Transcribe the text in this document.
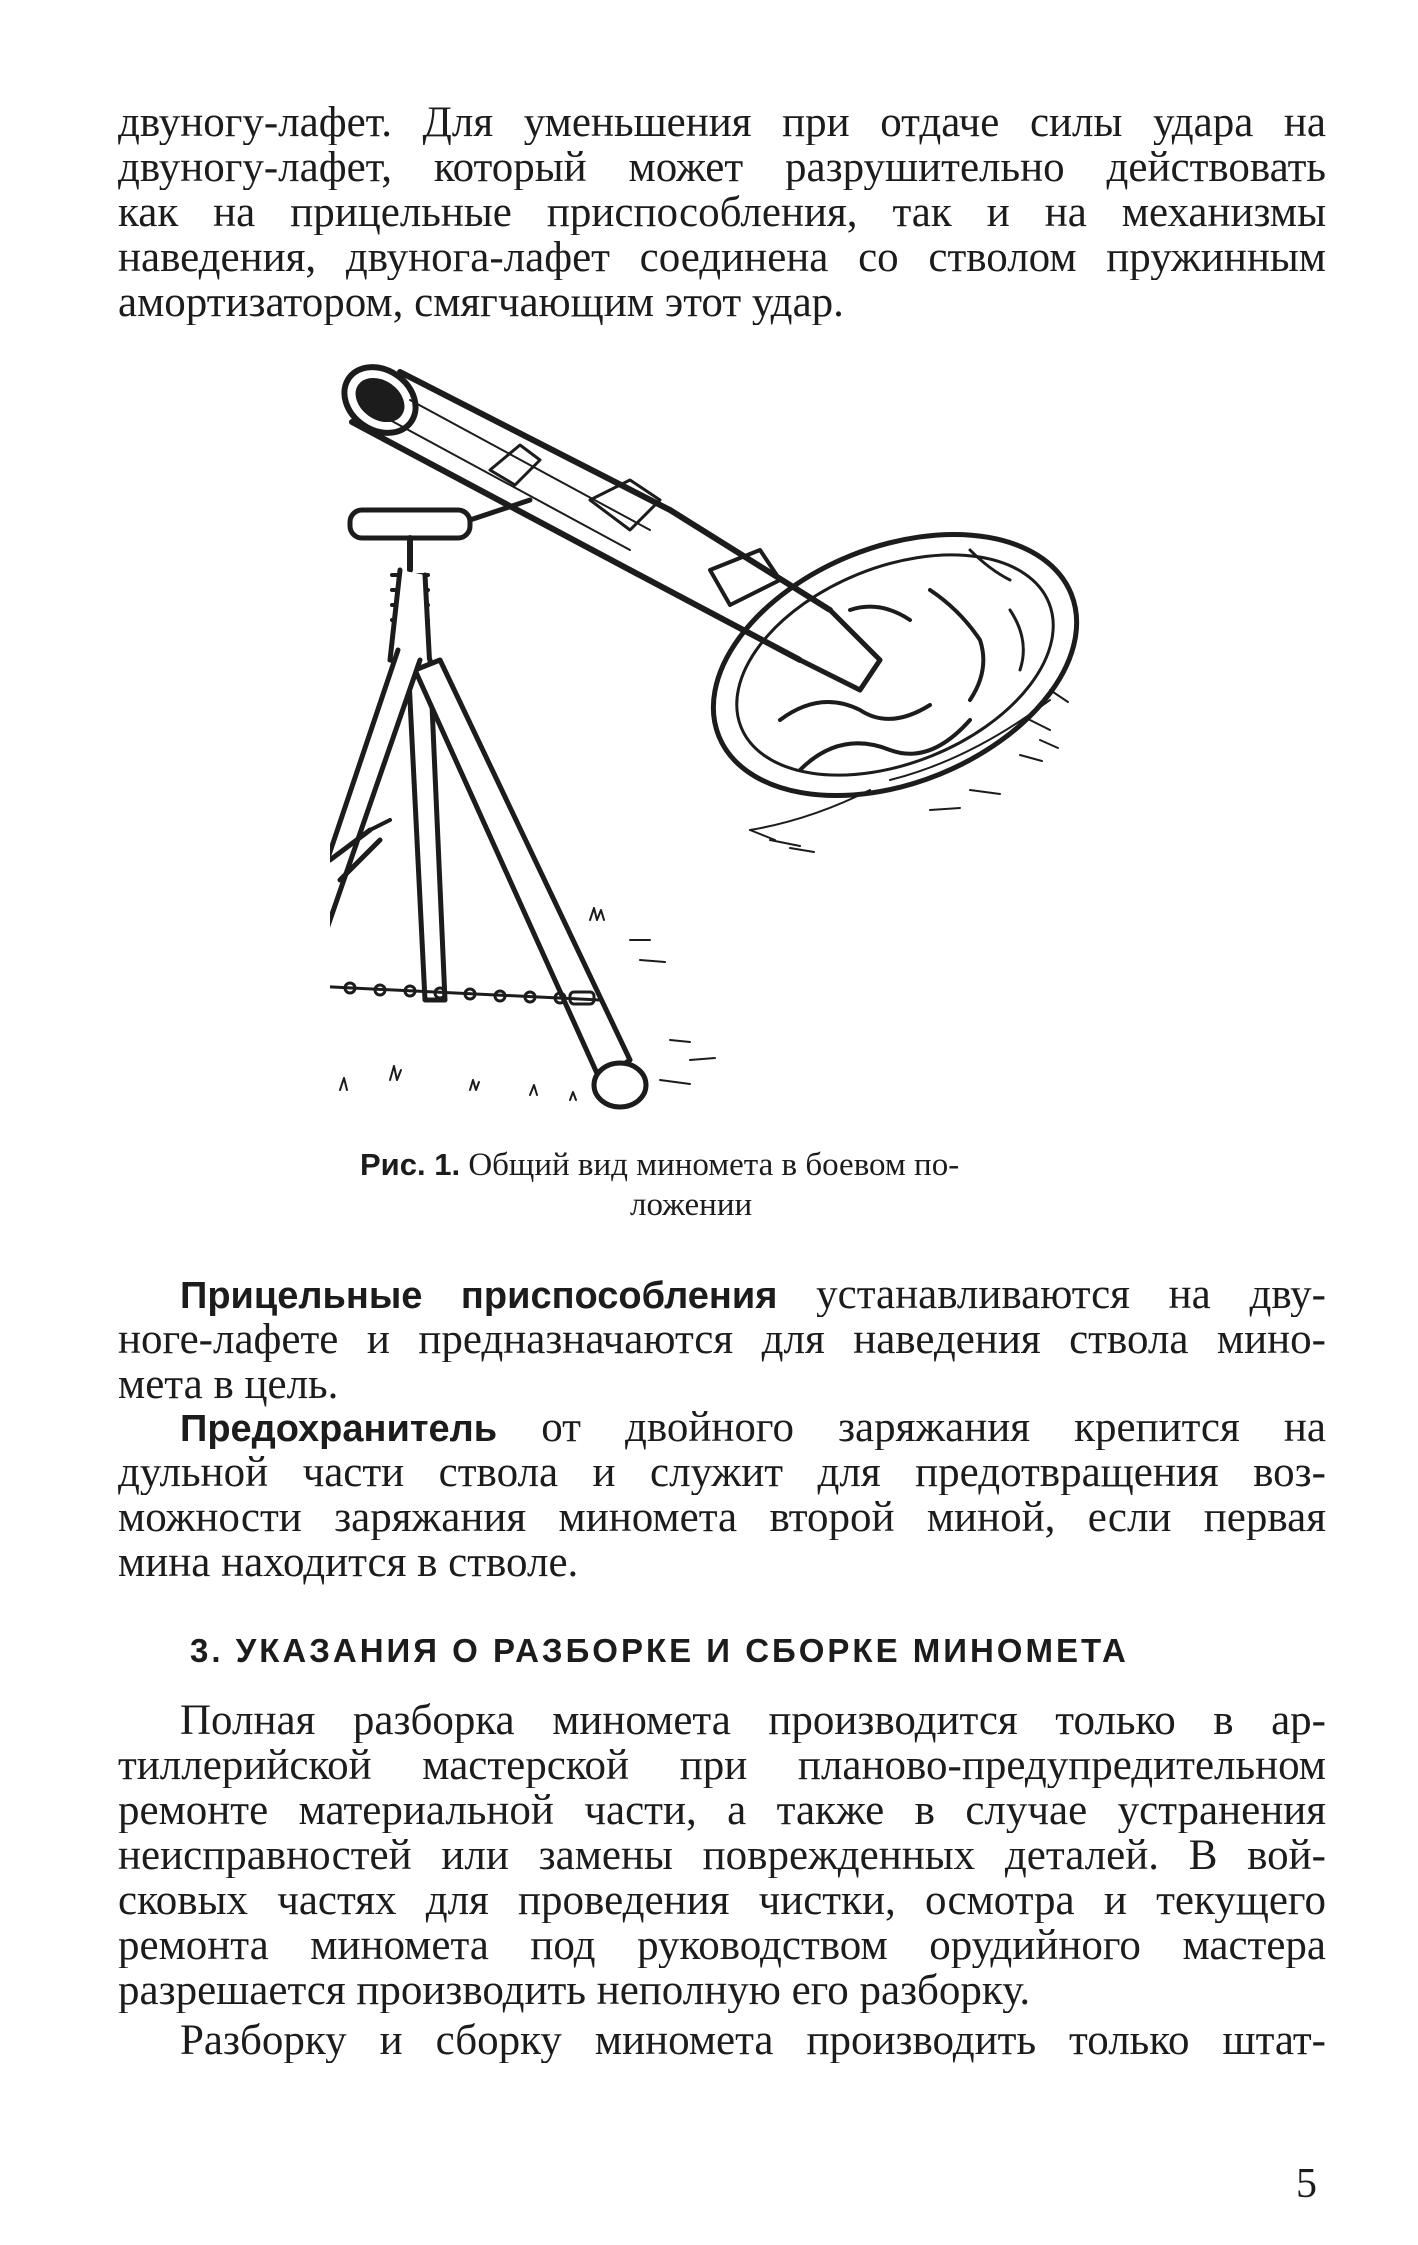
двуногу-лафет. Для уменьшения при отдаче силы удара на
двуногу-лафет, который может разрушительно действовать
как на прицельные приспособления, так и на механизмы
наведения, двунога-лафет соединена со стволом пружинным
амортизатором, смягчающим этот удар.
Рис. 1. Общий вид миномета в боевом по-
ложении
Прицельные приспособления устанавливаются на дву-
ноге-лафете и предназначаются для наведения ствола мино-
мета в цель.
Предохранитель от двойного заряжания крепится на
дульной части ствола и служит для предотвращения воз-
можности заряжания миномета второй миной, если первая
мина находится в стволе.
3. УКАЗАНИЯ О РАЗБОРКЕ И СБОРКЕ МИНОМЕТА
Полная разборка миномета производится только в ар-
тиллерийской мастерской при планово-предупредительном
ремонте материальной части, а также в случае устранения
неисправностей или замены поврежденных деталей. В вой-
сковых частях для проведения чистки, осмотра и текущего
ремонта миномета под руководством орудийного мастера
разрешается производить неполную его разборку.
Разборку и сборку миномета производить только штат-
5
